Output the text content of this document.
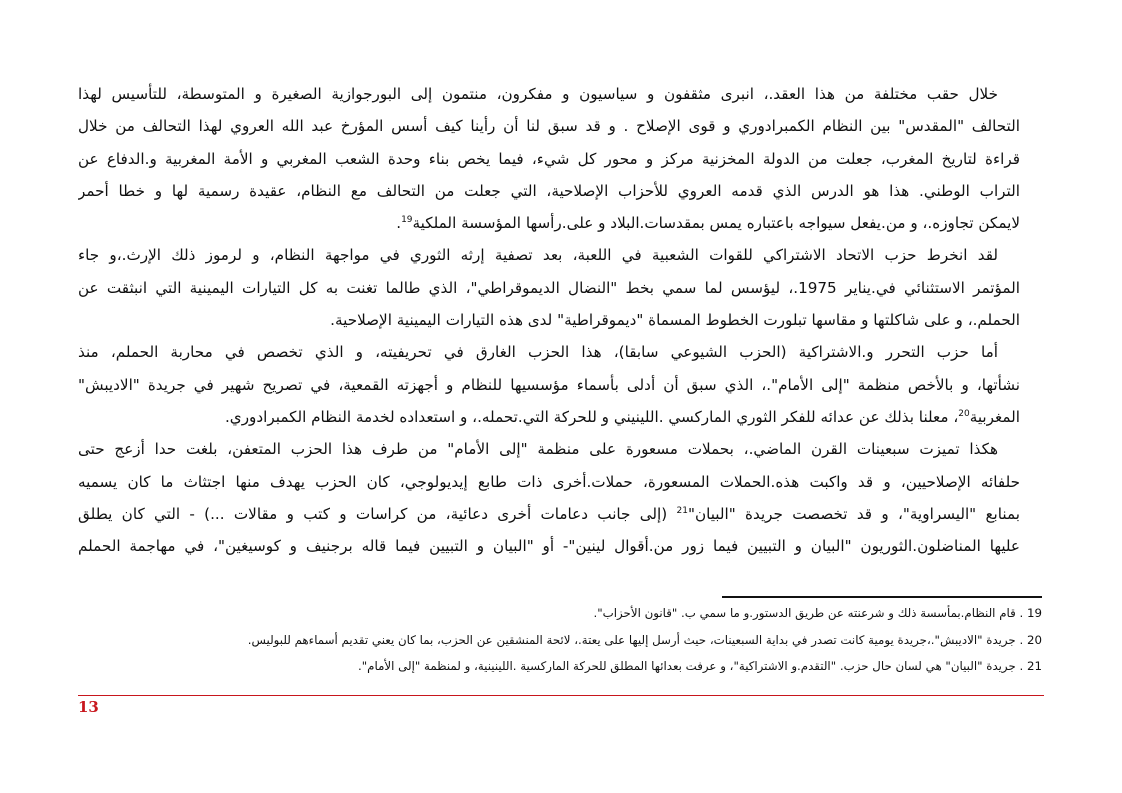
خلال حقب مختلفة من هذا العقد.، انبرى مثقفون و سياسيون و مفكرون، منتمون إلى البورجوازية الصغيرة و المتوسطة، للتأسيس لهذا
التحالف "المقدس" بين النظام الكمبرادوري و قوى الإصلاح . و قد سبق لنا أن رأينا كيف أسس المؤرخ عبد الله العروي لهذا التحالف من خلال
قراءة لتاريخ المغرب، جعلت من الدولة المخزنية مركز و محور كل شيء، فيما يخص بناء وحدة الشعب المغربي و الأمة المغربية و.الدفاع عن
التراب الوطني. هذا هو الدرس الذي قدمه العروي للأحزاب الإصلاحية، التي جعلت من التحالف مع النظام، عقيدة رسمية لها و خطا أحمر
لايمكن تجاوزه.، و من.يفعل سيواجه باعتباره يمس بمقدسات.البلاد و على.رأسها المؤسسة الملكية$^{19}$.

لقد انخرط حزب الاتحاد الاشتراكي للقوات الشعبية في اللعبة، بعد تصفية إرثه الثوري في مواجهة النظام، و لرموز ذلك الإرث.،و جاء
المؤتمر الاستثنائي في.يناير 1975.، ليؤسس لما سمي بخط "النضال الديموقراطي"، الذي طالما تغنت به كل التيارات اليمينية التي انبثقت عن
الحملم.، و على شاكلتها و مقاسها تبلورت الخطوط المسماة "ديموقراطية" لدى هذه التيارات اليمينية الإصلاحية.

أما حزب التحرر و.الاشتراكية (الحزب الشيوعي سابقا)، هذا الحزب الغارق في تحريفيته، و الذي تخصص في محاربة الحملم، منذ
نشأتها، و بالأخص منظمة "إلى الأمام".، الذي سبق أن أدلى بأسماء مؤسسيها للنظام و أجهزته القمعية، في تصريح شهير في جريدة "الاديبش"
المغربية$^{20}$، معلنا بذلك عن عدائه للفكر الثوري الماركسي .اللينيني و للحركة التي.تحمله.، و استعداده لخدمة النظام الكمبرادوري.

هكذا تميزت سبعينات القرن الماضي.، بحملات مسعورة على منظمة "إلى الأمام" من طرف هذا الحزب المتعفن، بلغت حدا أزعج حتى
حلفائه الإصلاحيين، و قد واكبت هذه.الحملات المسعورة، حملات.أخرى ذات طابع إيديولوجي، كان الحزب يهدف منها اجتثاث ما كان يسميه
بمنابع "اليسراوية"، و قد تخصصت جريدة "البيان"$^{21}$ (إلى جانب دعامات أخرى دعائية، من كراسات و كتب و مقالات ...) - التي كان يطلق
عليها المناضلون.الثوريون "البيان و التبيين فيما زور من.أقوال لينين"- أو "البيان و التبيين فيما قاله برجنيف و كوسيغين"، في مهاجمة الحملم

19 . قام النظام.بمأسسة ذلك و شرعنته عن طريق الدستور.و ما سمي ب. "قانون الأحزاب".
20 . جريدة "الاديبش".،جريدة يومية كانت تصدر في بداية السبعينات، حيث أرسل إليها على يعتة.، لائحة المنشقين عن الحزب، بما كان يعني تقديم أسماءهم للبوليس.
21 . جريدة "البيان" هي لسان حال حزب. "التقدم.و الاشتراكية"، و عرفت بعدائها المطلق للحركة الماركسية .اللينينية، و لمنظمة "إلى الأمام".
13
